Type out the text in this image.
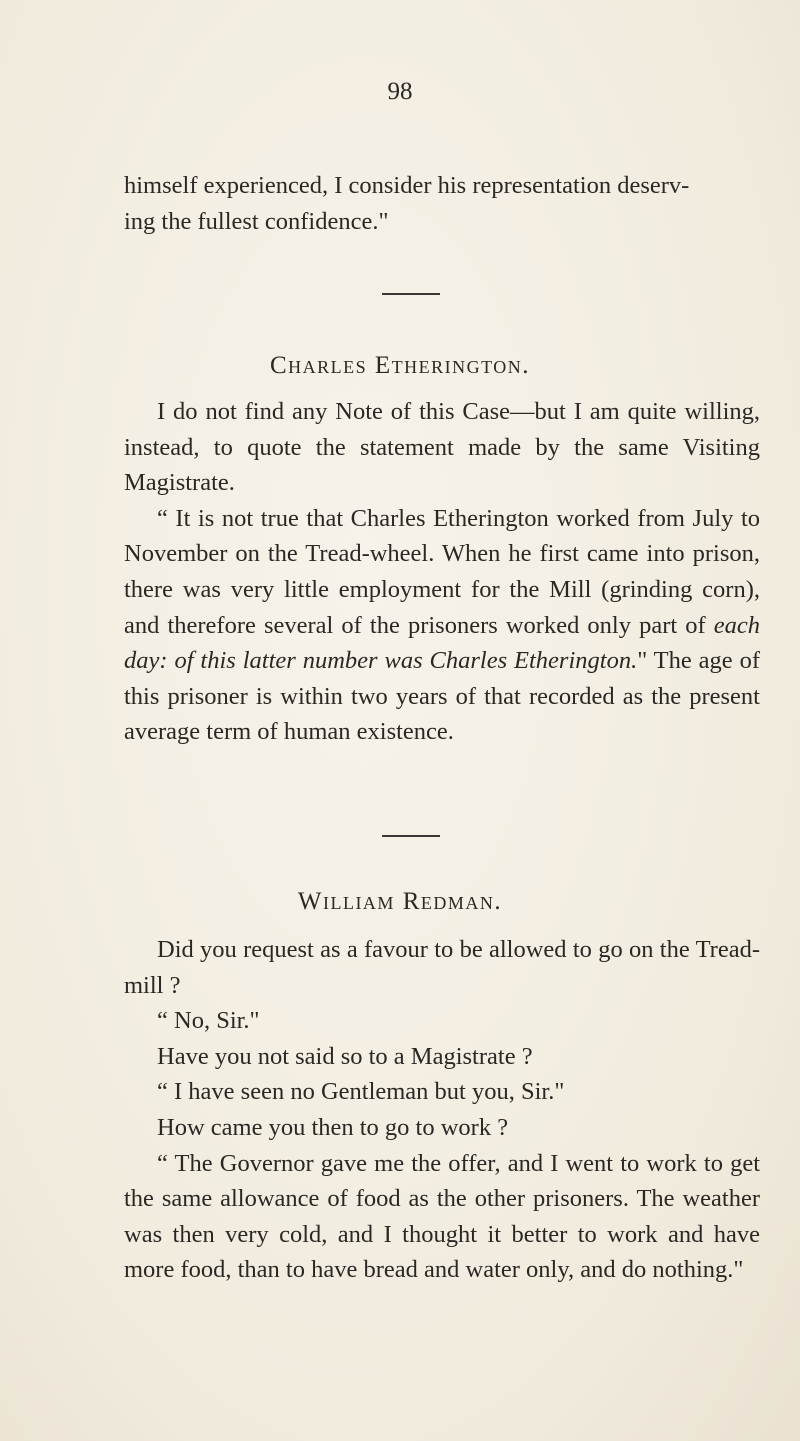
98
himself experienced, I consider his representation deserv-
ing the fullest confidence."
Charles Etherington.

I do not find any Note of this Case—but I am quite willing, instead, to quote the statement made by the same Visiting Magistrate.

“ It is not true that Charles Etherington worked from July to November on the Tread-wheel. When he first came into prison, there was very little employment for the Mill (grinding corn), and therefore several of the prisoners worked only part of each day: of this latter number was Charles Etherington." The age of this prisoner is within two years of that recorded as the present average term of human existence.

William Redman.

Did you request as a favour to be allowed to go on the Tread-mill ?

“ No, Sir."

Have you not said so to a Magistrate ?

“ I have seen no Gentleman but you, Sir."

How came you then to go to work ?

“ The Governor gave me the offer, and I went to work to get the same allowance of food as the other prisoners. The weather was then very cold, and I thought it better to work and have more food, than to have bread and water only, and do nothing."
